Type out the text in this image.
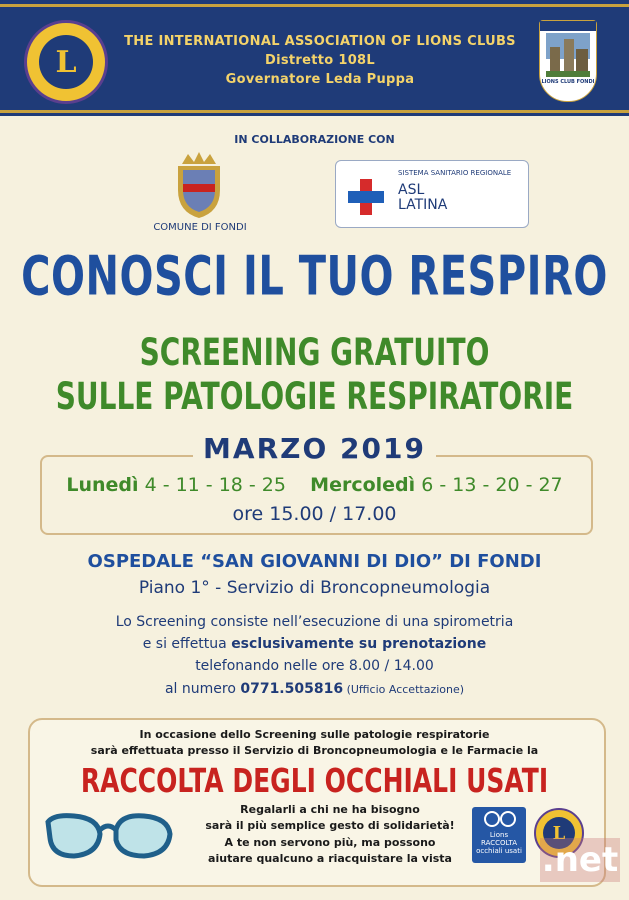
L
THE INTERNATIONAL ASSOCIATION OF LIONS CLUBS
Distretto 108L
Governatore Leda Puppa	LIONS CLUB FONDI
IN COLLABORAZIONE CON
COMUNE DI FONDI
SISTEMA SANITARIO REGIONALE
ASL
LATINA
CONOSCI IL TUO RESPIRO
SCREENING GRATUITO
SULLE PATOLOGIE RESPIRATORIE
MARZO 2019
Lunedì 4 - 11 - 18 - 25 Mercoledì 6 - 13 - 20 - 27
ore 15.00 / 17.00
OSPEDALE “SAN GIOVANNI DI DIO” DI FONDI
Piano 1° - Servizio di Broncopneumologia
Lo Screening consiste nell’esecuzione di una spirometria
e si effettua esclusivamente su prenotazione
telefonando nelle ore 8.00 / 14.00
al numero 0771.505816 (Ufficio Accettazione)
In occasione dello Screening sulle patologie respiratorie
sarà effettuata presso il Servizio di Broncopneumologia e le Farmacie la
RACCOLTA DEGLI OCCHIALI USATI
Regalarli a chi ne ha bisogno
sarà il più semplice gesto di solidarietà!
A te non servono più, ma possono
aiutare qualcuno a riacquistare la vista
Lions
RACCOLTA
occhiali usati
L
.net
